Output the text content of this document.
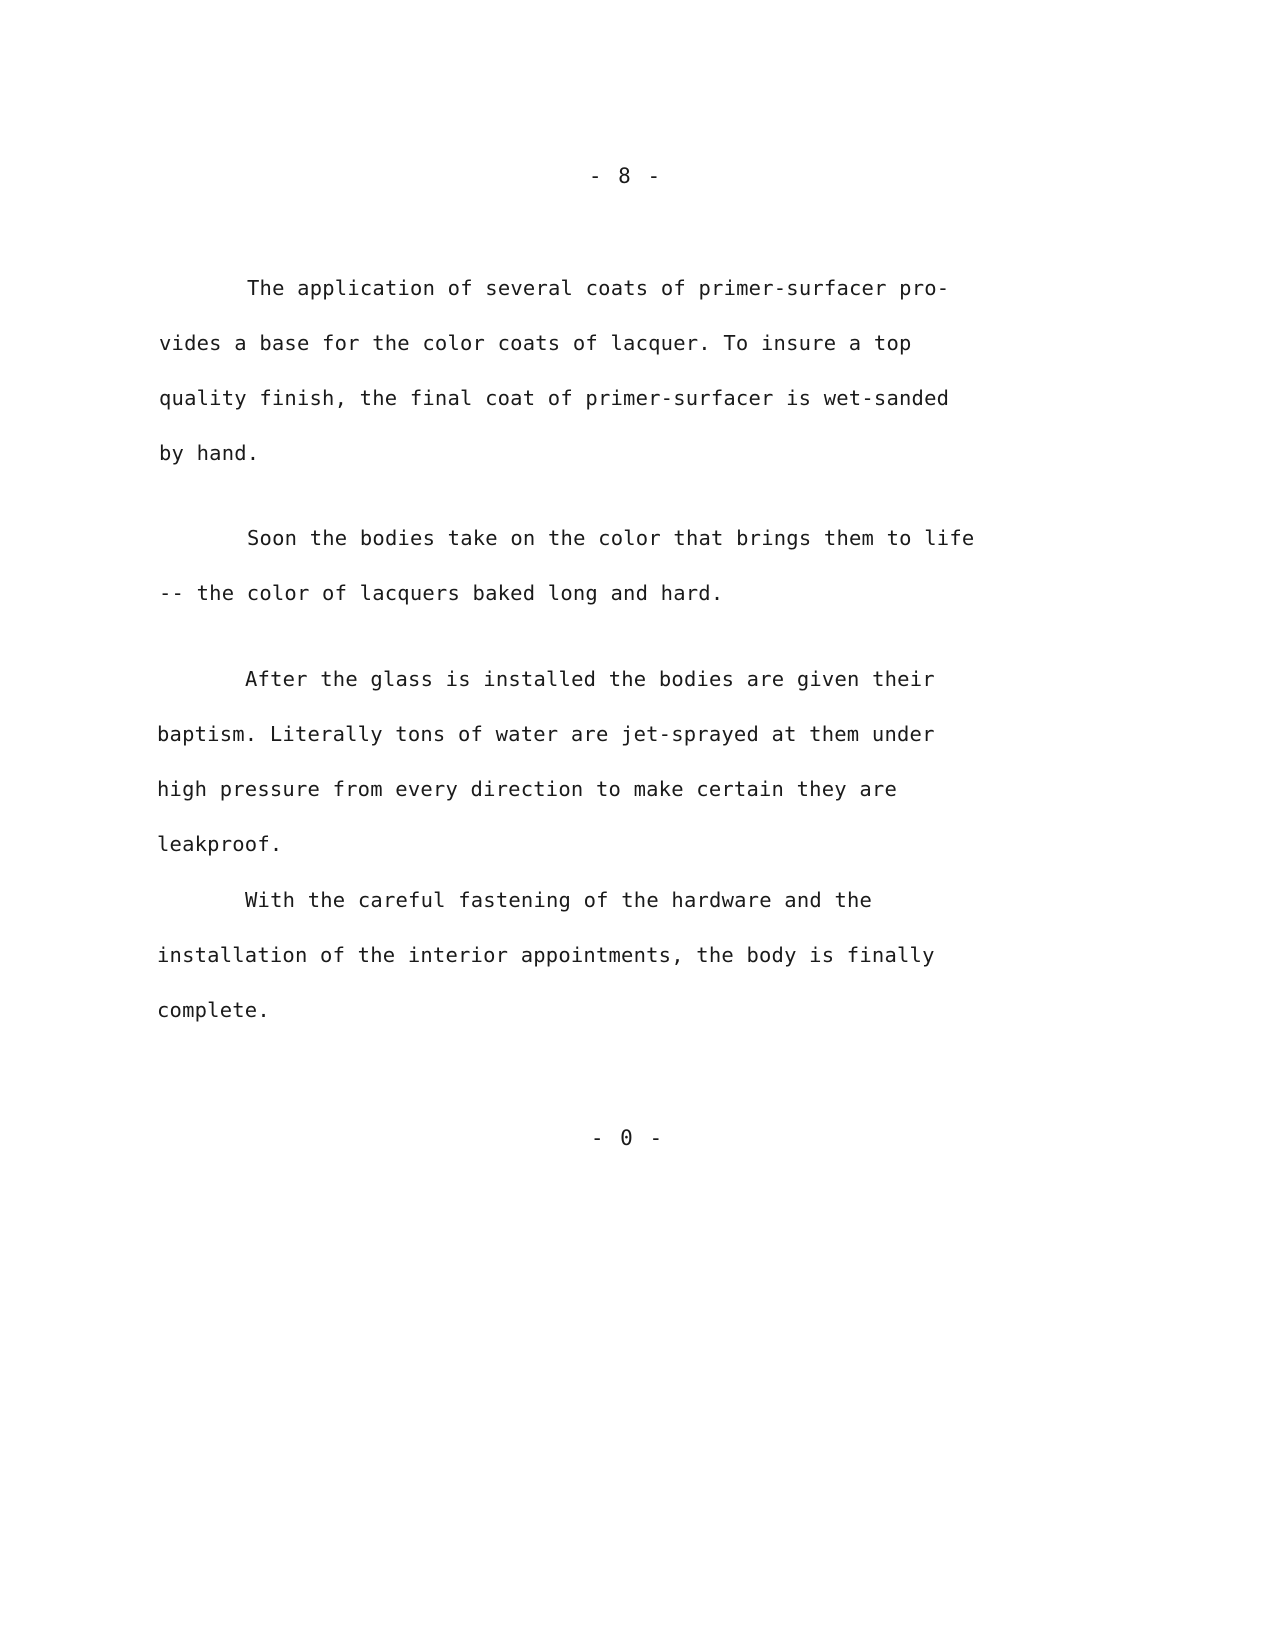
- 8 -
The application of several coats of primer-surfacer pro-
vides a base for the color coats of lacquer. To insure a top
quality finish, the final coat of primer-surfacer is wet-sanded
by hand.
Soon the bodies take on the color that brings them to life
-- the color of lacquers baked long and hard.
After the glass is installed the bodies are given their
baptism. Literally tons of water are jet-sprayed at them under
high pressure from every direction to make certain they are
leakproof.
With the careful fastening of the hardware and the
installation of the interior appointments, the body is finally
complete.
- 0 -
